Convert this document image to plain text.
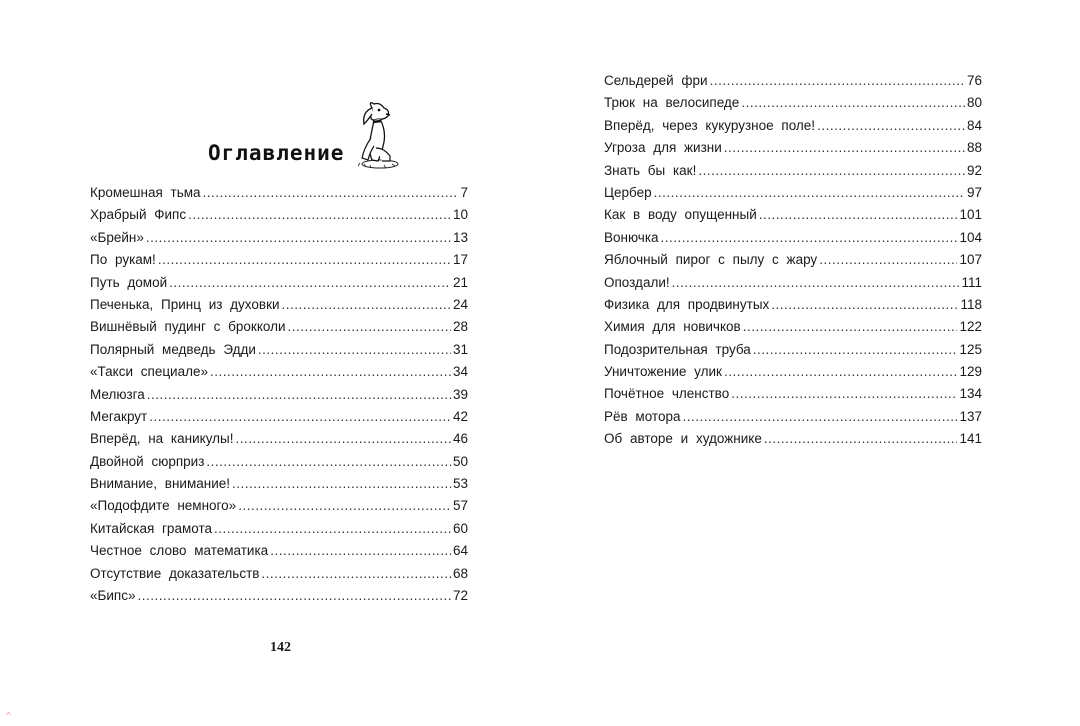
Оглавление
Кромешная тьма .....	7
Храбрый Фипс .....	10
«Брейн» .....	13
По рукам! .....	17
Путь домой .....	21
Печенька, Принц из духовки .....	24
Вишнёвый пудинг с брокколи .....	28
Полярный медведь Эдди .....	31
«Такси специале» .....	34
Мелюзга .....	39
Мегакрут .....	42
Вперёд, на каникулы! .....	46
Двойной сюрприз .....	50
Внимание, внимание! .....	53
«Подофдите немного» .....	57
Китайская грамота .....	60
Честное слово математика .....	64
Отсутствие доказательств .....	68
«Бипс» .....	72
142
⌃
Сельдерей фри .....	76
Трюк на велосипеде .....	80
Вперёд, через кукурузное поле! .....	84
Угроза для жизни .....	88
Знать бы как! .....	92
Цербер .....	97
Как в воду опущенный .....	101
Вонючка .....	104
Яблочный пирог с пылу с жару .....	107
Опоздали! .....	111
Физика для продвинутых .....	118
Химия для новичков .....	122
Подозрительная труба .....	125
Уничтожение улик .....	129
Почётное членство .....	134
Рёв мотора .....	137
Об авторе и художнике .....	141
